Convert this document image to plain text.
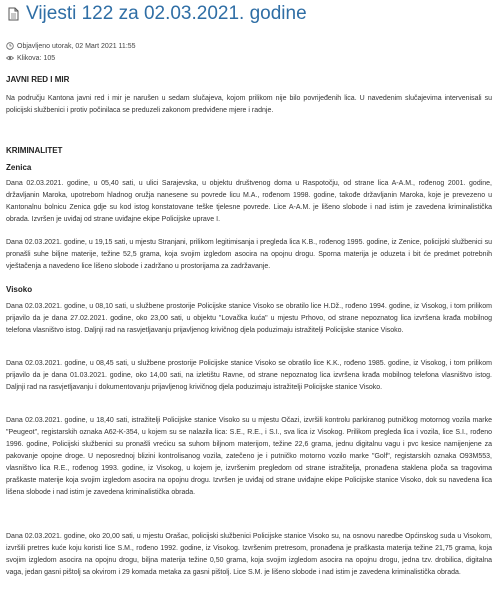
Vijesti 122 za 02.03.2021. godine
Objavljeno utorak, 02 Mart 2021 11:55
Klikova: 105
JAVNI RED I MIR

Na području Kantona javni red i mir je narušen u sedam slučajeva, kojom prilikom nije bilo povrijeđenih lica. U navedenim slučajevima intervenisali su policijski službenici i protiv počinilaca se preduzeli zakonom predviđene mjere i radnje.

KRIMINALITET
Zenica

Dana 02.03.2021. godine, u 05,40 sati, u ulici Sarajevska, u objektu društvenog doma u Raspotočju, od strane lica A-A.M., rođenog 2001. godine, državljanin Maroka, upotrebom hladnog oružja nanesene su povrede licu M.A., rođenom 1998. godine, takođe državljanin Maroka, koje je prevezeno u Kantonalnu bolnicu Zenica gdje su kod istog konstatovane teške tjelesne povrede. Lice A-A.M. je lišeno slobode i nad istim je zavedena kriminalistička obrada. Izvršen je uviđaj od strane uviđajne ekipe Policijske uprave I.

Dana 02.03.2021. godine, u 19,15 sati, u mjestu Stranjani, prilikom legitimisanja i pregleda lica K.B., rođenog 1995. godine, iz Zenice, policijski službenici su pronašli suhe biljne materije, težine 52,5 grama, koja svojim izgledom asocira na opojnu drogu. Sporna materija je oduzeta i bit će predmet potrebnih vještačenja a navedeno lice lišeno slobode i zadržano u prostorijama za zadržavanje.

Visoko

Dana 02.03.2021. godine, u 08,10 sati, u službene prostorije Policijske stanice Visoko se obratilo lice H.Dž., rođeno 1994. godine, iz Visokog, i tom prilikom prijavilo da je dana 27.02.2021. godine, oko 23,00 sati, u objektu "Lovačka kuća" u mjestu Prhovo, od strane nepoznatog lica izvršena krađa mobilnog telefona vlasništvo istog. Daljnji rad na rasvjetljavanju prijavljenog krivičnog djela poduzimaju istražitelji Policijske stanice Visoko.

Dana 02.03.2021. godine, u 08,45 sati, u službene prostorije Policijske stanice Visoko se obratilo lice K.K., rođeno 1985. godine, iz Visokog, i tom prilikom prijavilo da je dana 01.03.2021. godine, oko 14,00 sati, na izletištu Ravne, od strane nepoznatog lica izvršena krađa mobilnog telefona vlasništvo istog. Daljnji rad na rasvjetljavanju i dokumentovanju prijavljenog krivičnog djela poduzimaju istražitelji Policijske stanice Visoko.

Dana 02.03.2021. godine, u 18,40 sati, istražitelji Policijske stanice Visoko su u mjestu Očazi, izvršili kontrolu parkiranog putničkog motornog vozila marke "Peugeot", registarskih oznaka A62-K-354, u kojem su se nalazila lica: S.E., R.E., i S.I., sva lica iz Visokog. Prilikom pregleda lica i vozila, lice S.I., rođeno 1996. godine, Policijski službenici su pronašli vrećicu sa suhom biljnom materijom, težine 22,6 grama, jednu digitalnu vagu i pvc kesice namijenjene za pakovanje opojne droge. U neposrednoj blizini kontrolisanog vozila, zatečeno je i putničko motorno vozilo marke "Golf", registarskih oznaka O93M553, vlasništvo lica R.E., rođenog 1993. godine, iz Visokog, u kojem je, izvršenim pregledom od strane istražitelja, pronađena staklena ploča sa tragovima praškaste materije koja svojim izgledom asocira na opojnu drogu. Izvršen je uviđaj od strane uviđajne ekipe Policijske stanice Visoko, dok su navedena lica lišena slobode i nad istim je zavedena kriminalistička obrada.

Dana 02.03.2021. godine, oko 20,00 sati, u mjestu Orašac, policijski službenici Policijske stanice Visoko su, na osnovu naredbe Općinskog suda u Visokom, izvršili pretres kuće koju koristi lice S.M., rođeno 1992. godine, iz Visokog. Izvršenim pretresom, pronađena je praškasta materija težine 21,75 grama, koja svojim izgledom asocira na opojnu drogu, biljna materija težine 0,50 grama, koja svojim izgledom asocira na opojnu drogu, jedna tzv. drobilica, digitalna vaga, jedan gasni pištolj sa okvirom i 29 komada metaka za gasni pištolj. Lice S.M. je lišeno slobode i nad istim je zavedena kriminalistička obrada.
